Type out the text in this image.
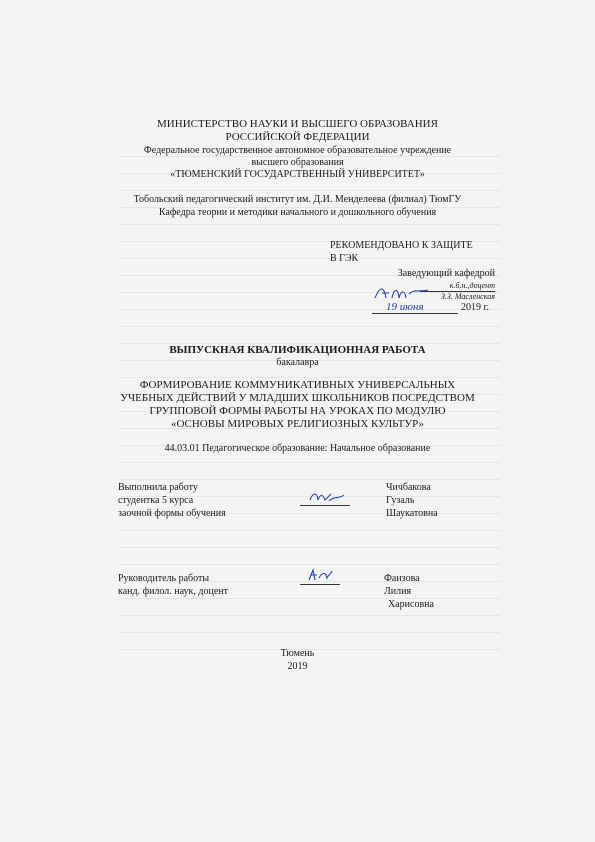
МИНИСТЕРСТВО НАУКИ И ВЫСШЕГО ОБРАЗОВАНИЯ
РОССИЙСКОЙ ФЕДЕРАЦИИ
Федеральное государственное автономное образовательное учреждение
высшего образования
«ТЮМЕНСКИЙ ГОСУДАРСТВЕННЫЙ УНИВЕРСИТЕТ»
Тобольский педагогический институт им. Д.И. Менделеева (филиал) ТюмГУ
Кафедра теории и методики начального и дошкольного обучения
РЕКОМЕНДОВАНО К ЗАЩИТЕ
В ГЭК
Заведующий кафедрой
к.б.н.,доцент
З.З. Масленская
19 июня	2019 г.
ВЫПУСКНАЯ КВАЛИФИКАЦИОННАЯ РАБОТА
бакалавра
ФОРМИРОВАНИЕ КОММУНИКАТИВНЫХ УНИВЕРСАЛЬНЫХ
УЧЕБНЫХ ДЕЙСТВИЙ У МЛАДШИХ ШКОЛЬНИКОВ ПОСРЕДСТВОМ
ГРУППОВОЙ ФОРМЫ РАБОТЫ НА УРОКАХ ПО МОДУЛЮ
«ОСНОВЫ МИРОВЫХ РЕЛИГИОЗНЫХ КУЛЬТУР»
44.03.01 Педагогическое образование: Начальное образование
Выполнила работу
студентка 5 курса
заочной формы обучения
Чичбакова
Гузаль
Шаукатовна
Руководитель работы
канд. филол. наук, доцент
Фаизова
Лилия
Харисовна
Тюмень
2019
